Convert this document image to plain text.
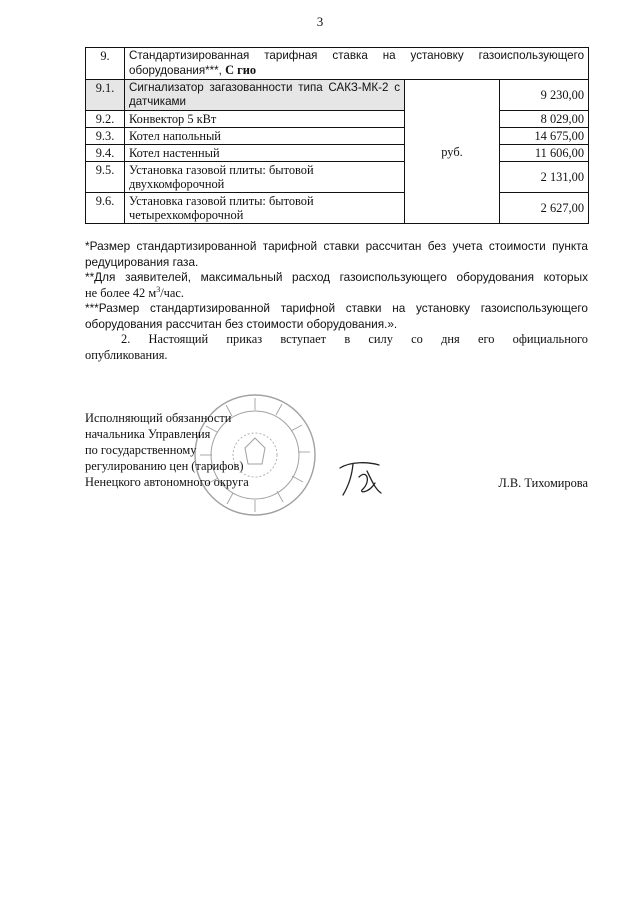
3
9.	Стандартизированная тарифная ставка на установку газоиспользующего
оборудования***, С гио		

9.1.	Сигнализатор загазованности типа САКЗ-МК-2 с датчиками	руб.	9 230,00
9.2.	Конвектор 5 кВт		8 029,00
9.3.	Котел напольный		14 675,00
9.4.	Котел настенный		11 606,00
9.5.	Установка газовой плиты: бытовой двухкомфорочной		2 131,00
9.6.	Установка газовой плиты: бытовой четырехкомфорочной		2 627,00

*Размер стандартизированной тарифной ставки рассчитан без учета стоимости пункта

редуцирования газа.

**Для заявителей, максимальный расход газоиспользующего оборудования которых

не более 42 $м^3$/час.

***Размер стандартизированной тарифной ставки на установку газоиспользующего

оборудования рассчитан без стоимости оборудования.».

2. Настоящий приказ вступает в силу со дня его официального

опубликования.

Исполняющий обязанности
начальника Управления
по государственному
регулированию цен (тарифов)
Ненецкого автономного округа	Л.В. Тихомирова
